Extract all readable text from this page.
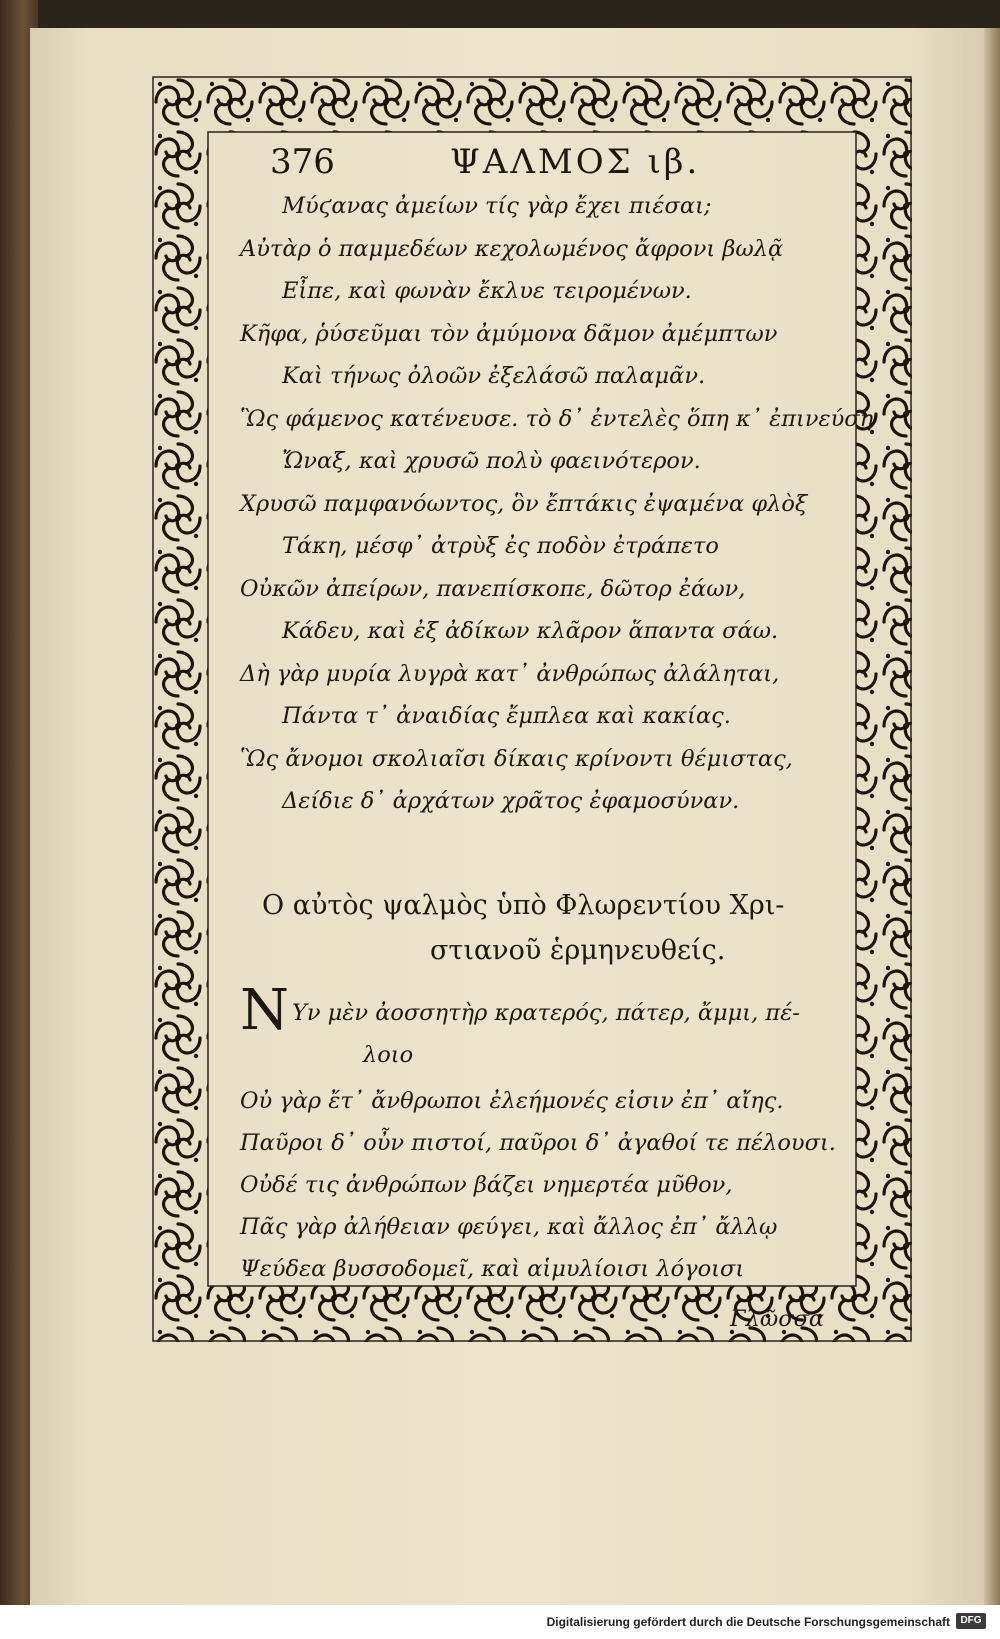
376	ΨΑΛΜΟΣ ιβ.
Μύϛανας ἀμείων τίς γὰρ ἔχει πιέσαι;
Αὐτὰρ ὁ παμμεδέων κεχολωμένος ἄφρονι βωλᾷ
Εἶπε, καὶ φωνὰν ἔκλυε τειρομένων.
Κῆφα, ῥύσεῦμαι τὸν ἀμύμονα δᾶμον ἀμέμπτων
Καὶ τήνως ὀλοῶν ἐξελάσῶ παλαμᾶν.
Ὣς φάμενος κατένευσε. τὸ δ᾽ ἐντελὲς ὅπη κ᾽ ἐπινεύσῃ
Ὤναξ, καὶ χρυσῶ πολὺ φαεινότερον.
Χρυσῶ παμφανόωντος, ὃν ἔπτάκις ἐψαμένα φλὸξ
Τάκη, μέσφ᾽ ἀτρὺξ ἐς ποδὸν ἐτράπετο
Οὐκῶν ἀπείρων, πανεπίσκοπε, δῶτορ ἐάων,
Κάδευ, καὶ ἐξ ἀδίκων κλᾶρον ἅπαντα σάω.
Δὴ γὰρ μυρία λυγρὰ κατ᾽ ἀνθρώπως ἀλάληται,
Πάντα τ᾽ ἀναιδίας ἔμπλεα καὶ κακίας.
Ὣς ἄνομοι σκολιαῖσι δίκαις κρίνοντι θέμιστας,
Δείδιε δ᾽ ἀρχάτων χρᾶτος ἐφαμοσύναν.
Ο αὐτὸς ψαλμὸς ὑπὸ Φλωρεντίου Χρι-
στιανοῦ ἑρμηνευθείς.
N Υν μὲν ἀοσσητὴρ κρατερός, πάτερ, ἄμμι, πέ-
λοιο
Οὐ γὰρ ἔτ᾽ ἄνθρωποι ἐλεήμονές εἰσιν ἐπ᾽ αἴης.
Παῦροι δ᾽ οὖν πιστοί, παῦροι δ᾽ ἀγαθοί τε πέλουσι.
Οὐδέ τις ἀνθρώπων βάζει νημερτέα μῦθον,
Πᾶς γὰρ ἀλήθειαν φεύγει, καὶ ἄλλος ἐπ᾽ ἄλλῳ
Ψεύδεα βυσσοδομεῖ, καὶ αἱμυλίοισι λόγοισι
Γλῶσσά
Digitalisierung gefördert durch die Deutsche Forschungsgemeinschaft	DFG
